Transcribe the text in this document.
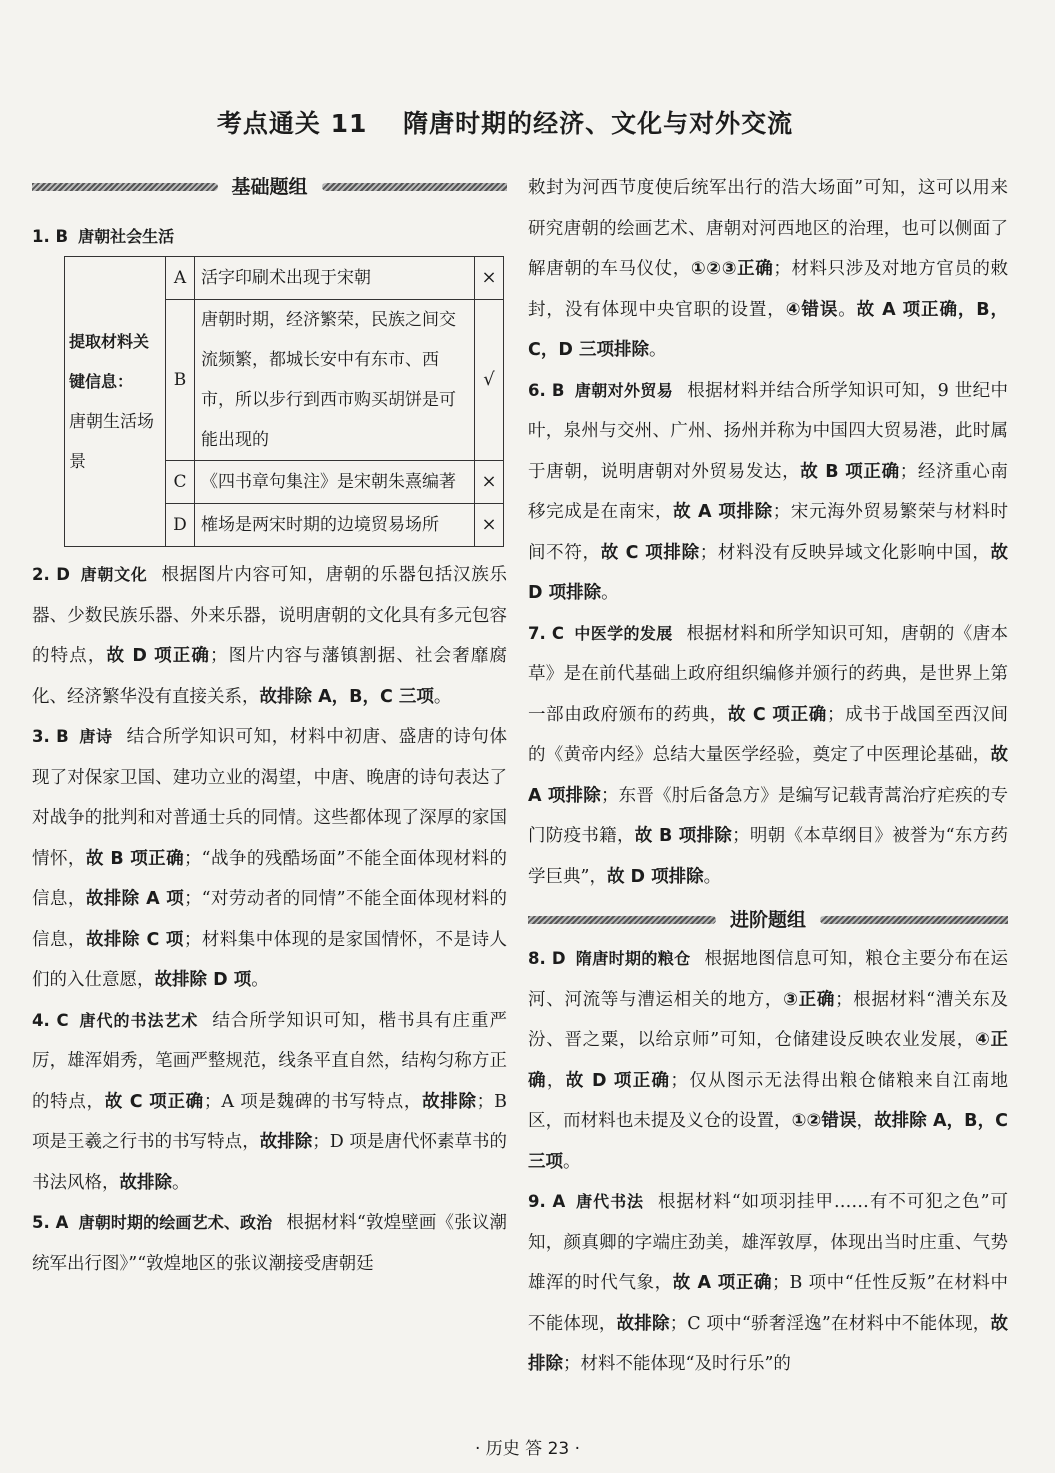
考点通关 11　 隋唐时期的经济、文化与对外交流
基础题组
1. B 唐朝社会生活
提取材料关键信息：
唐朝生活场景	A	活字印刷术出现于宋朝	×
	B	唐朝时期，经济繁荣，民族之间交流频繁，都城长安中有东市、西市，所以步行到西市购买胡饼是可能出现的	√
	C	《四书章句集注》是宋朝朱熹编著	×
	D	榷场是两宋时期的边境贸易场所	×
2. D 唐朝文化 根据图片内容可知，唐朝的乐器包括汉族乐器、少数民族乐器、外来乐器，说明唐朝的文化具有多元包容的特点，故 D 项正确；图片内容与藩镇割据、社会奢靡腐化、经济繁华没有直接关系，故排除 A，B，C 三项。
3. B 唐诗 结合所学知识可知，材料中初唐、盛唐的诗句体现了对保家卫国、建功立业的渴望，中唐、晚唐的诗句表达了对战争的批判和对普通士兵的同情。这些都体现了深厚的家国情怀，故 B 项正确；“战争的残酷场面”不能全面体现材料的信息，故排除 A 项；“对劳动者的同情”不能全面体现材料的信息，故排除 C 项；材料集中体现的是家国情怀，不是诗人们的入仕意愿，故排除 D 项。
4. C 唐代的书法艺术 结合所学知识可知，楷书具有庄重严厉，雄浑娟秀，笔画严整规范，线条平直自然，结构匀称方正的特点，故 C 项正确；A 项是魏碑的书写特点，故排除；B 项是王羲之行书的书写特点，故排除；D 项是唐代怀素草书的书法风格，故排除。
5. A 唐朝时期的绘画艺术、政治 根据材料“敦煌壁画《张议潮统军出行图》”“敦煌地区的张议潮接受唐朝廷
敕封为河西节度使后统军出行的浩大场面”可知，这可以用来研究唐朝的绘画艺术、唐朝对河西地区的治理，也可以侧面了解唐朝的车马仪仗，①②③正确；材料只涉及对地方官员的敕封，没有体现中央官职的设置，④错误。故 A 项正确，B，C，D 三项排除。
6. B 唐朝对外贸易 根据材料并结合所学知识可知，9 世纪中叶，泉州与交州、广州、扬州并称为中国四大贸易港，此时属于唐朝，说明唐朝对外贸易发达，故 B 项正确；经济重心南移完成是在南宋，故 A 项排除；宋元海外贸易繁荣与材料时间不符，故 C 项排除；材料没有反映异域文化影响中国，故 D 项排除。
7. C 中医学的发展 根据材料和所学知识可知，唐朝的《唐本草》是在前代基础上政府组织编修并颁行的药典，是世界上第一部由政府颁布的药典，故 C 项正确；成书于战国至西汉间的《黄帝内经》总结大量医学经验，奠定了中医理论基础，故 A 项排除；东晋《肘后备急方》是编写记载青蒿治疗疟疾的专门防疫书籍，故 B 项排除；明朝《本草纲目》被誉为“东方药学巨典”，故 D 项排除。
进阶题组
8. D 隋唐时期的粮仓 根据地图信息可知，粮仓主要分布在运河、河流等与漕运相关的地方，③正确；根据材料“漕关东及汾、晋之粟，以给京师”可知，仓储建设反映农业发展，④正确，故 D 项正确；仅从图示无法得出粮仓储粮来自江南地区，而材料也未提及义仓的设置，①②错误，故排除 A，B，C 三项。
9. A 唐代书法 根据材料“如项羽挂甲……有不可犯之色”可知，颜真卿的字端庄劲美，雄浑敦厚，体现出当时庄重、气势雄浑的时代气象，故 A 项正确；B 项中“任性反叛”在材料中不能体现，故排除；C 项中“骄奢淫逸”在材料中不能体现，故排除；材料不能体现“及时行乐”的
· 历史 答 23 ·
